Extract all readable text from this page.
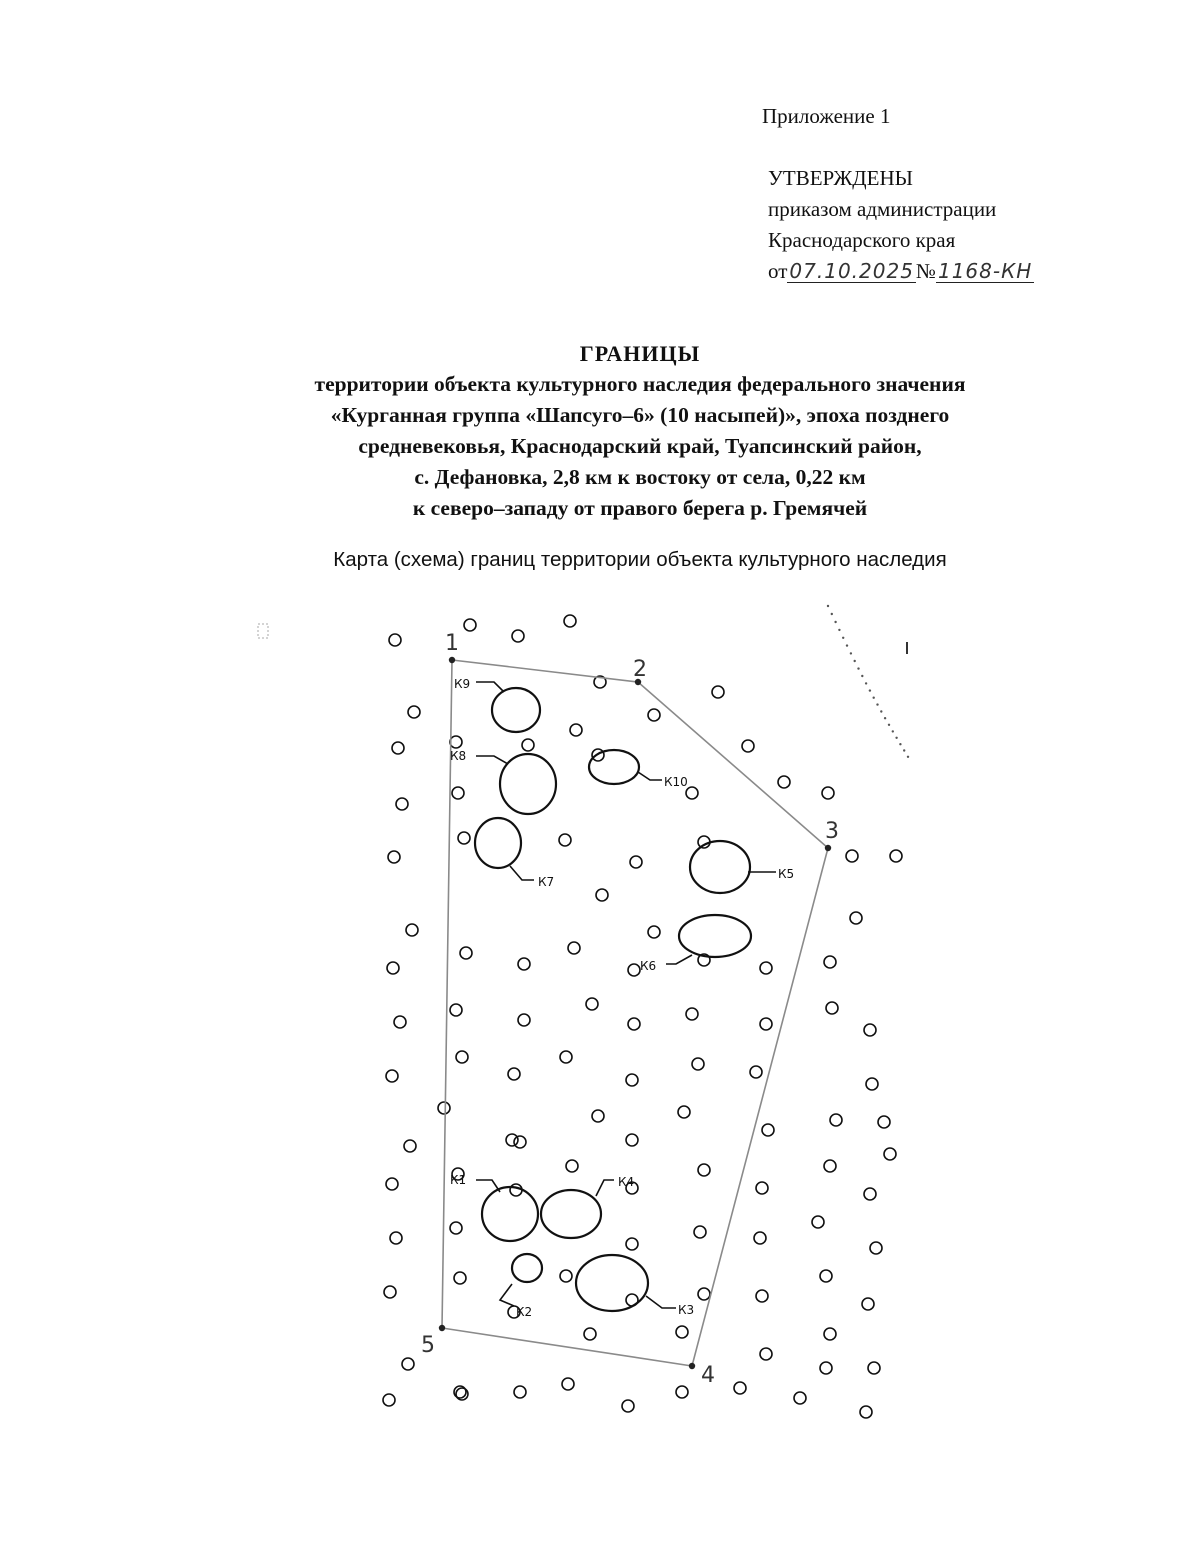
Приложение 1
УТВЕРЖДЕНЫ
приказом администрации
Краснодарского края
от 07.10.2025№ 1168-КН
ГРАНИЦЫ
территории объекта культурного наследия федерального значения
«Курганная группа «Шапсуго–6» (10 насыпей)», эпоха позднего
средневековья, Краснодарский край, Туапсинский район,
с. Дефановка, 2,8 км к востоку от села, 0,22 км
к северо–западу от правого берега р. Гремячей
Карта (схема) границ территории объекта культурного наследия
К1
К2	К3
К4
К5
К6
К7
К8
К9
К10
1
2
3
4
5
